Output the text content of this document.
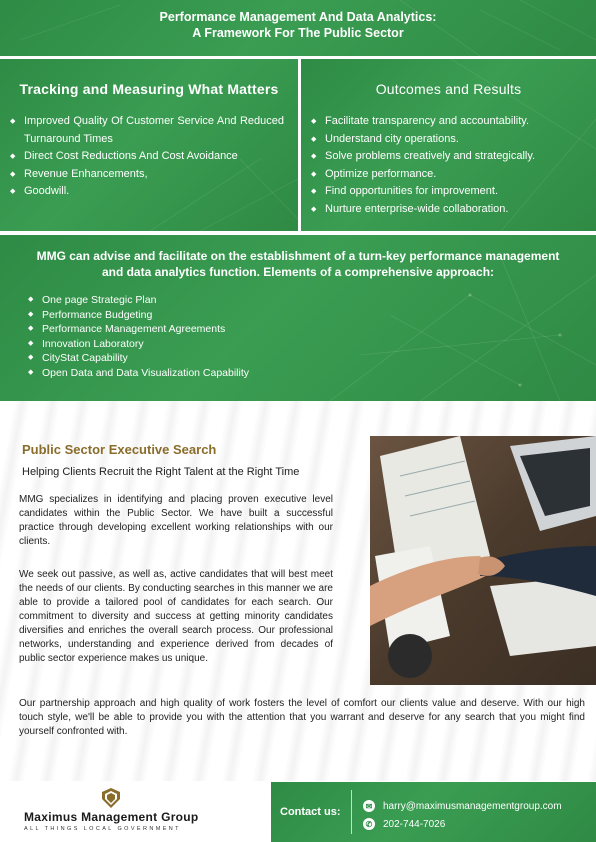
Performance Management And Data Analytics:
A Framework For The Public Sector
Tracking and Measuring What Matters
◆ Improved Quality Of Customer Service And Reduced Turnaround Times
◆ Direct Cost Reductions And Cost Avoidance
◆ Revenue Enhancements,
◆ Goodwill.
Outcomes and Results
◆ Facilitate transparency and accountability.
◆ Understand city operations.
◆ Solve problems creatively and strategically.
◆ Optimize performance.
◆ Find opportunities for improvement.
◆ Nurture enterprise-wide collaboration.
MMG can advise and facilitate on the establishment of a turn-key performance management and data analytics function. Elements of a comprehensive approach:
◆ One page Strategic Plan
◆ Performance Budgeting
◆ Performance Management Agreements
◆ Innovation Laboratory
◆ CityStat Capability
◆ Open Data and Data Visualization Capability
Public Sector Executive Search
Helping Clients Recruit the Right Talent at the Right Time
MMG specializes in identifying and placing proven executive level candidates within the Public Sector. We have built a successful practice through developing excellent working relationships with our clients.
We seek out passive, as well as, active candidates that will best meet the needs of our clients. By conducting searches in this manner we are able to provide a tailored pool of candidates for each search. Our commitment to diversity and success at getting minority candidates diversifies and enriches the overall search process. Our professional networks, understanding and experience derived from decades of public sector experience makes us unique.
Our partnership approach and high quality of work fosters the level of comfort our clients value and deserve. With our high touch style, we'll be able to provide you with the attention that you warrant and deserve for any search that you might find yourself confronted with.
Maximus Management Group
ALL THINGS LOCAL GOVERNMENT
Contact us:	✉ harry@maximusmanagementgroup.com
✆ 202-744-7026
